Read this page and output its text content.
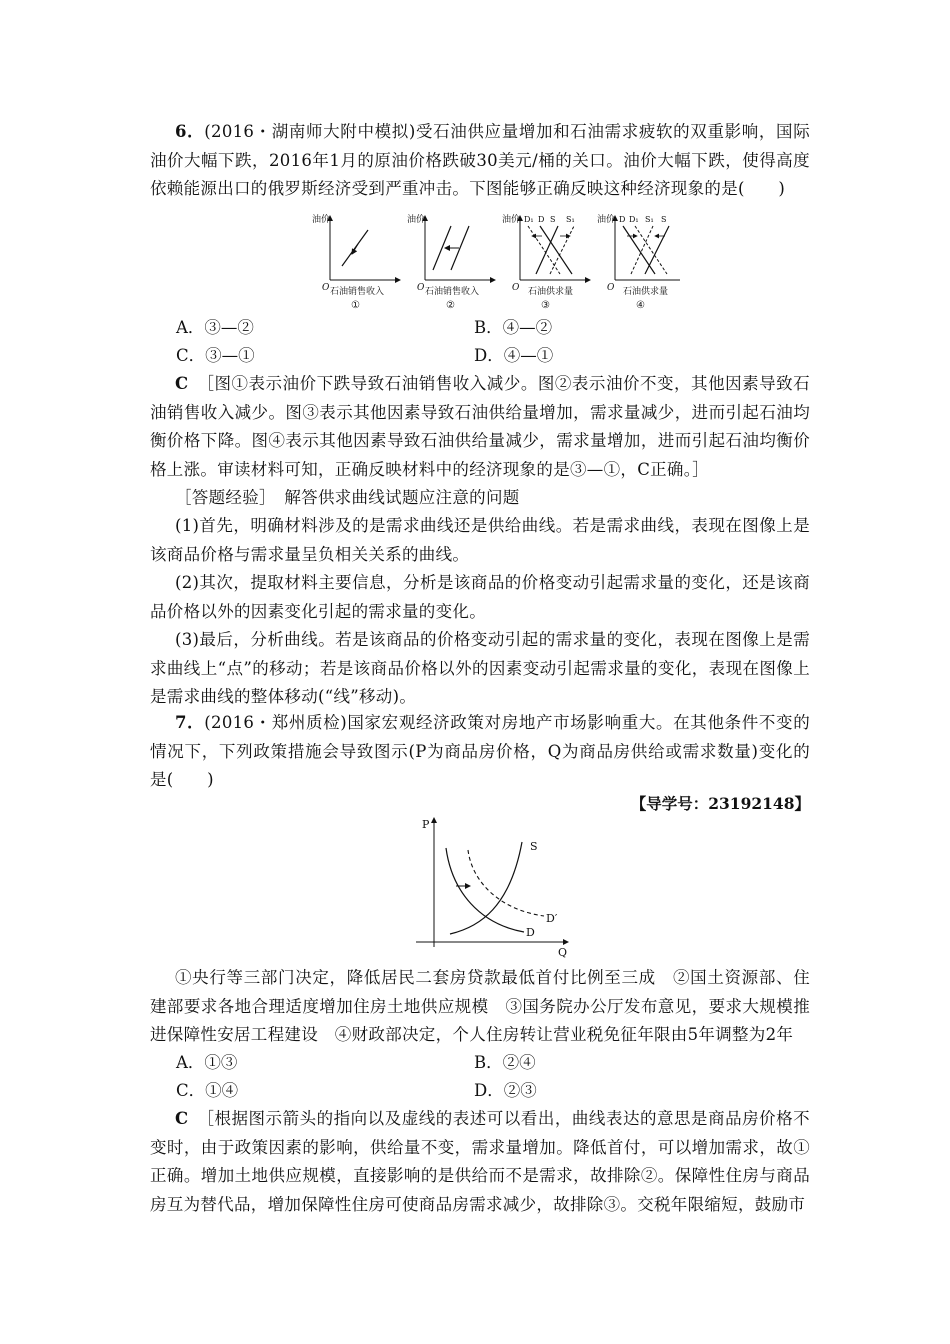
6．(2016・湖南师大附中模拟)受石油供应量增加和石油需求疲软的双重影响，国际油价大幅下跌，2016年1月的原油价格跌破30美元/桶的关口。油价大幅下跌，使得高度依赖能源出口的俄罗斯经济受到严重冲击。下图能够正确反映这种经济现象的是(　　)
油价
O 石油销售收入
①
油价
O 石油销售收入
②
油价
O
D₁ D S S₁
石油供求量
③
油价
O
D D₁ S₁ S
石油供求量
④
A．③—②	B．④—②
C．③—①	D．④—①
C　 ［图①表示油价下跌导致石油销售收入减少。图②表示油价不变，其他因素导致石油销售收入减少。图③表示其他因素导致石油供给量增加，需求量减少，进而引起石油均衡价格下降。图④表示其他因素导致石油供给量减少，需求量增加，进而引起石油均衡价格上涨。审读材料可知，正确反映材料中的经济现象的是③—①，C正确。］
［答题经验］　解答供求曲线试题应注意的问题
(1)首先，明确材料涉及的是需求曲线还是供给曲线。若是需求曲线，表现在图像上是该商品价格与需求量呈负相关关系的曲线。
(2)其次，提取材料主要信息，分析是该商品的价格变动引起需求量的变化，还是该商品价格以外的因素变化引起的需求量的变化。
(3)最后，分析曲线。若是该商品的价格变动引起的需求量的变化，表现在图像上是需求曲线上“点”的移动；若是该商品价格以外的因素变动引起需求量的变化，表现在图像上是需求曲线的整体移动(“线”移动)。
7．(2016・郑州质检)国家宏观经济政策对房地产市场影响重大。在其他条件不变的情况下，下列政策措施会导致图示(P为商品房价格，Q为商品房供给或需求数量)变化的是(　　)
【导学号：23192148】
P
Q
S
D
D′
①央行等三部门决定，降低居民二套房贷款最低首付比例至三成　②国土资源部、住建部要求各地合理适度增加住房土地供应规模　③国务院办公厅发布意见，要求大规模推进保障性安居工程建设　④财政部决定，个人住房转让营业税免征年限由5年调整为2年
A．①③	B．②④
C．①④	D．②③
C　 ［根据图示箭头的指向以及虚线的表述可以看出，曲线表达的意思是商品房价格不变时，由于政策因素的影响，供给量不变，需求量增加。降低首付，可以增加需求，故①正确。增加土地供应规模，直接影响的是供给而不是需求，故排除②。保障性住房与商品房互为替代品，增加保障性住房可使商品房需求减少，故排除③。交税年限缩短，鼓励市
